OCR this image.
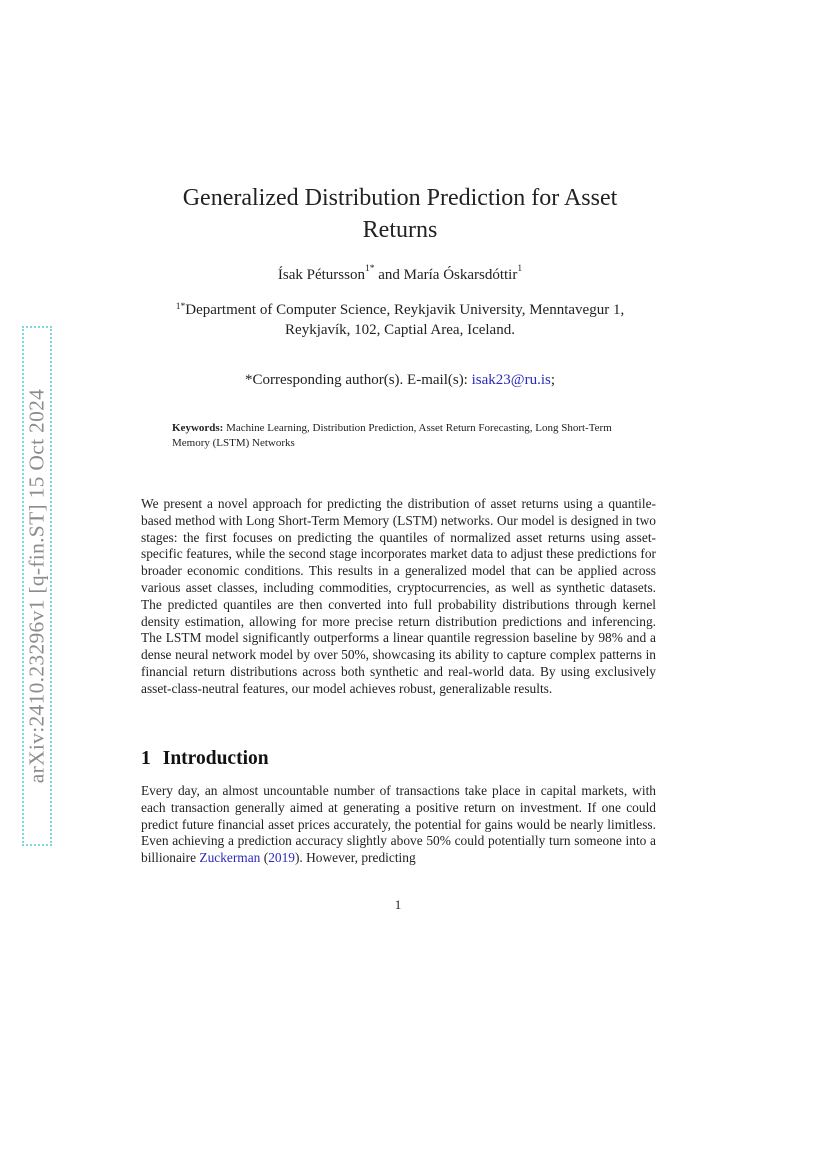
arXiv:2410.23296v1 [q-fin.ST] 15 Oct 2024
Generalized Distribution Prediction for Asset Returns
Ísak Pétursson$^{1*}$ and María Óskarsdóttir$^1$
$^{1*}$Department of Computer Science, Reykjavik University, Menntavegur 1, Reykjavík, 102, Captial Area, Iceland.
*Corresponding author(s). E-mail(s): isak23@ru.is;
Keywords: Machine Learning, Distribution Prediction, Asset Return Forecasting, Long Short-Term Memory (LSTM) Networks

We present a novel approach for predicting the distribution of asset returns using a quantile-based method with Long Short-Term Memory (LSTM) networks. Our model is designed in two stages: the first focuses on predicting the quantiles of normalized asset returns using asset-specific features, while the second stage incorporates market data to adjust these predictions for broader economic conditions. This results in a generalized model that can be applied across various asset classes, including commodities, cryptocurrencies, as well as synthetic datasets. The predicted quantiles are then converted into full probability distributions through kernel density estimation, allowing for more precise return distribution predictions and inferencing. The LSTM model significantly outperforms a linear quantile regression baseline by 98% and a dense neural network model by over 50%, showcasing its ability to capture complex patterns in financial return distributions across both synthetic and real-world data. By using exclusively asset-class-neutral features, our model achieves robust, generalizable results.

1 Introduction

Every day, an almost uncountable number of transactions take place in capital markets, with each transaction generally aimed at generating a positive return on investment. If one could predict future financial asset prices accurately, the potential for gains would be nearly limitless. Even achieving a prediction accuracy slightly above 50% could potentially turn someone into a billionaire Zuckerman (2019). However, predicting

1
